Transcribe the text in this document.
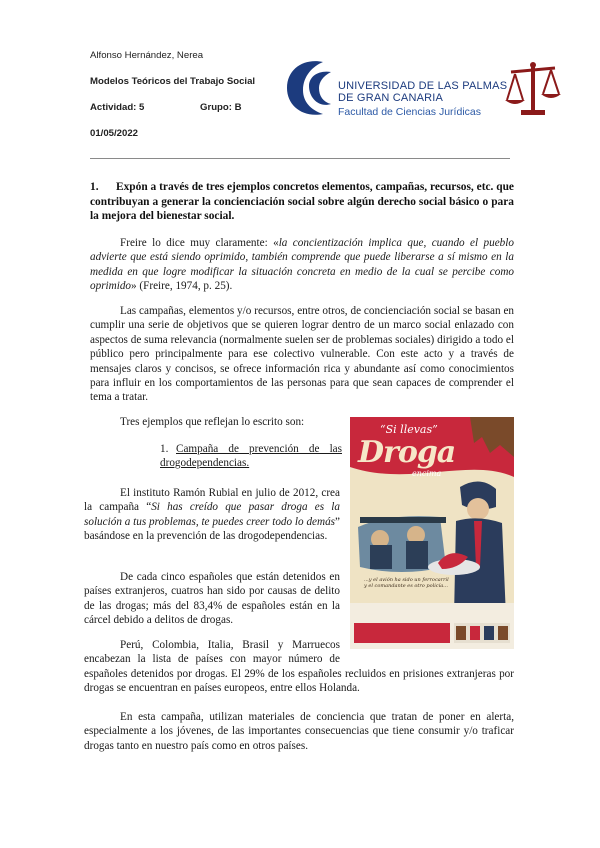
Alfonso Hernández, Nerea
Modelos Teóricos del Trabajo Social
Actividad: 5	Grupo: B
01/05/2022
UNIVERSIDAD DE LAS PALMAS
DE GRAN CANARIA
Facultad de Ciencias Jurídicas
1. Expón a través de tres ejemplos concretos elementos, campañas, recursos, etc. que contribuyan a generar la concienciación social sobre algún derecho social básico o para la mejora del bienestar social.

Freire lo dice muy claramente: «la concientización implica que, cuando el pueblo advierte que está siendo oprimido, también comprende que puede liberarse a sí mismo en la medida en que logre modificar la situación concreta en medio de la cual se percibe como oprimido» (Freire, 1974, p. 25).

Las campañas, elementos y/o recursos, entre otros, de concienciación social se basan en cumplir una serie de objetivos que se quieren lograr dentro de un marco social enlazado con aspectos de suma relevancia (normalmente suelen ser de problemas sociales) dirigido a todo el público pero principalmente para ese colectivo vulnerable. Con este acto y a través de mensajes claros y concisos, se ofrece información rica y abundante así como conocimientos para influir en los comportamientos de las personas para que sean capaces de comprender el tema a tratar.

Tres ejemplos que reflejan lo escrito son:

1. Campaña de prevención de las drogodependencias.

El instituto Ramón Rubial en julio de 2012, crea la campaña “Si has creído que pasar droga es la solución a tus problemas, te puedes creer todo lo demás” basándose en la prevención de las drogodependencias.

De cada cinco españoles que están detenidos en países extranjeros, cuatros han sido por causas de delito de las drogas; más del 83,4% de españoles están en la cárcel debido a delitos de drogas.

Perú, Colombia, Italia, Brasil y Marruecos encabezan la lista de países con mayor número de

españoles detenidos por drogas. El 29% de los españoles recluidos en prisiones extranjeras por drogas se encuentran en países europeos, entre ellos Holanda.

En esta campaña, utilizan materiales de conciencia que tratan de poner en alerta, especialmente a los jóvenes, de las importantes consecuencias que tiene consumir y/o traficar drogas tanto en nuestro país como en otros países.

“Si llevas”
Droga
encima
...y el avión ha sido un ferrocarril y el comandante es otro policía...
